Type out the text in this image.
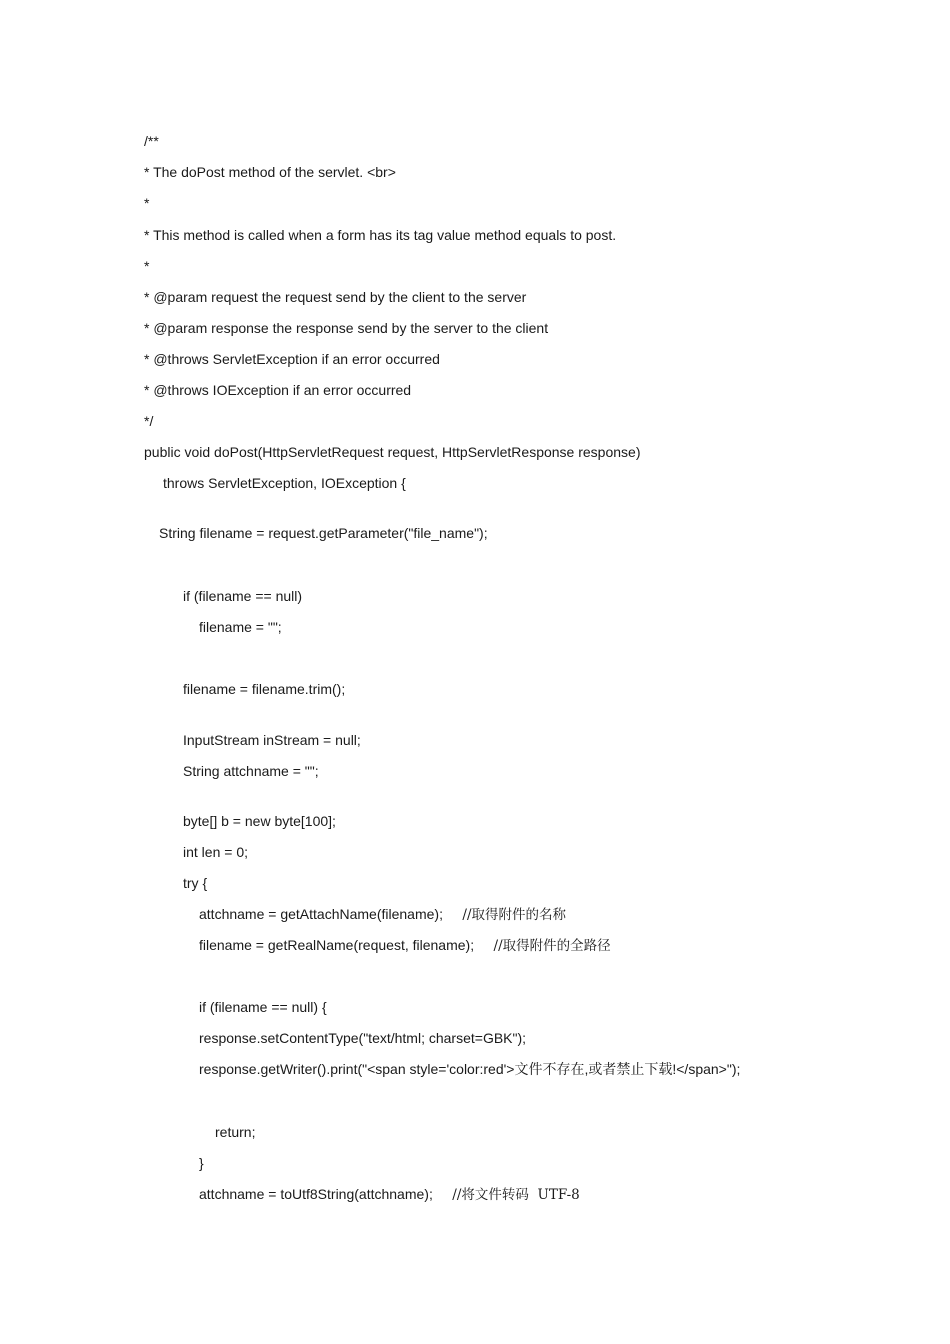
/**
* The doPost method of the servlet. <br>
*
* This method is called when a form has its tag value method equals to post.
*
* @param request the request send by the client to the server
* @param response the response send by the server to the client
* @throws ServletException if an error occurred
* @throws IOException if an error occurred
*/
public void doPost(HttpServletRequest request, HttpServletResponse response)
throws ServletException, IOException {
String filename = request.getParameter("file_name");
if (filename == null)
filename = "";
filename = filename.trim();
InputStream inStream = null;
String attchname = "";
byte[] b = new byte[100];
int len = 0;
try {
attchname = getAttachName(filename); //取得附件的名称
filename = getRealName(request, filename); //取得附件的全路径
if (filename == null) {
response.setContentType("text/html; charset=GBK");
response.getWriter().print("<span style='color:red'>文件不存在,或者禁止下载!</span>");
return;
}
attchname = toUtf8String(attchname); //将文件转码  UTF-8
